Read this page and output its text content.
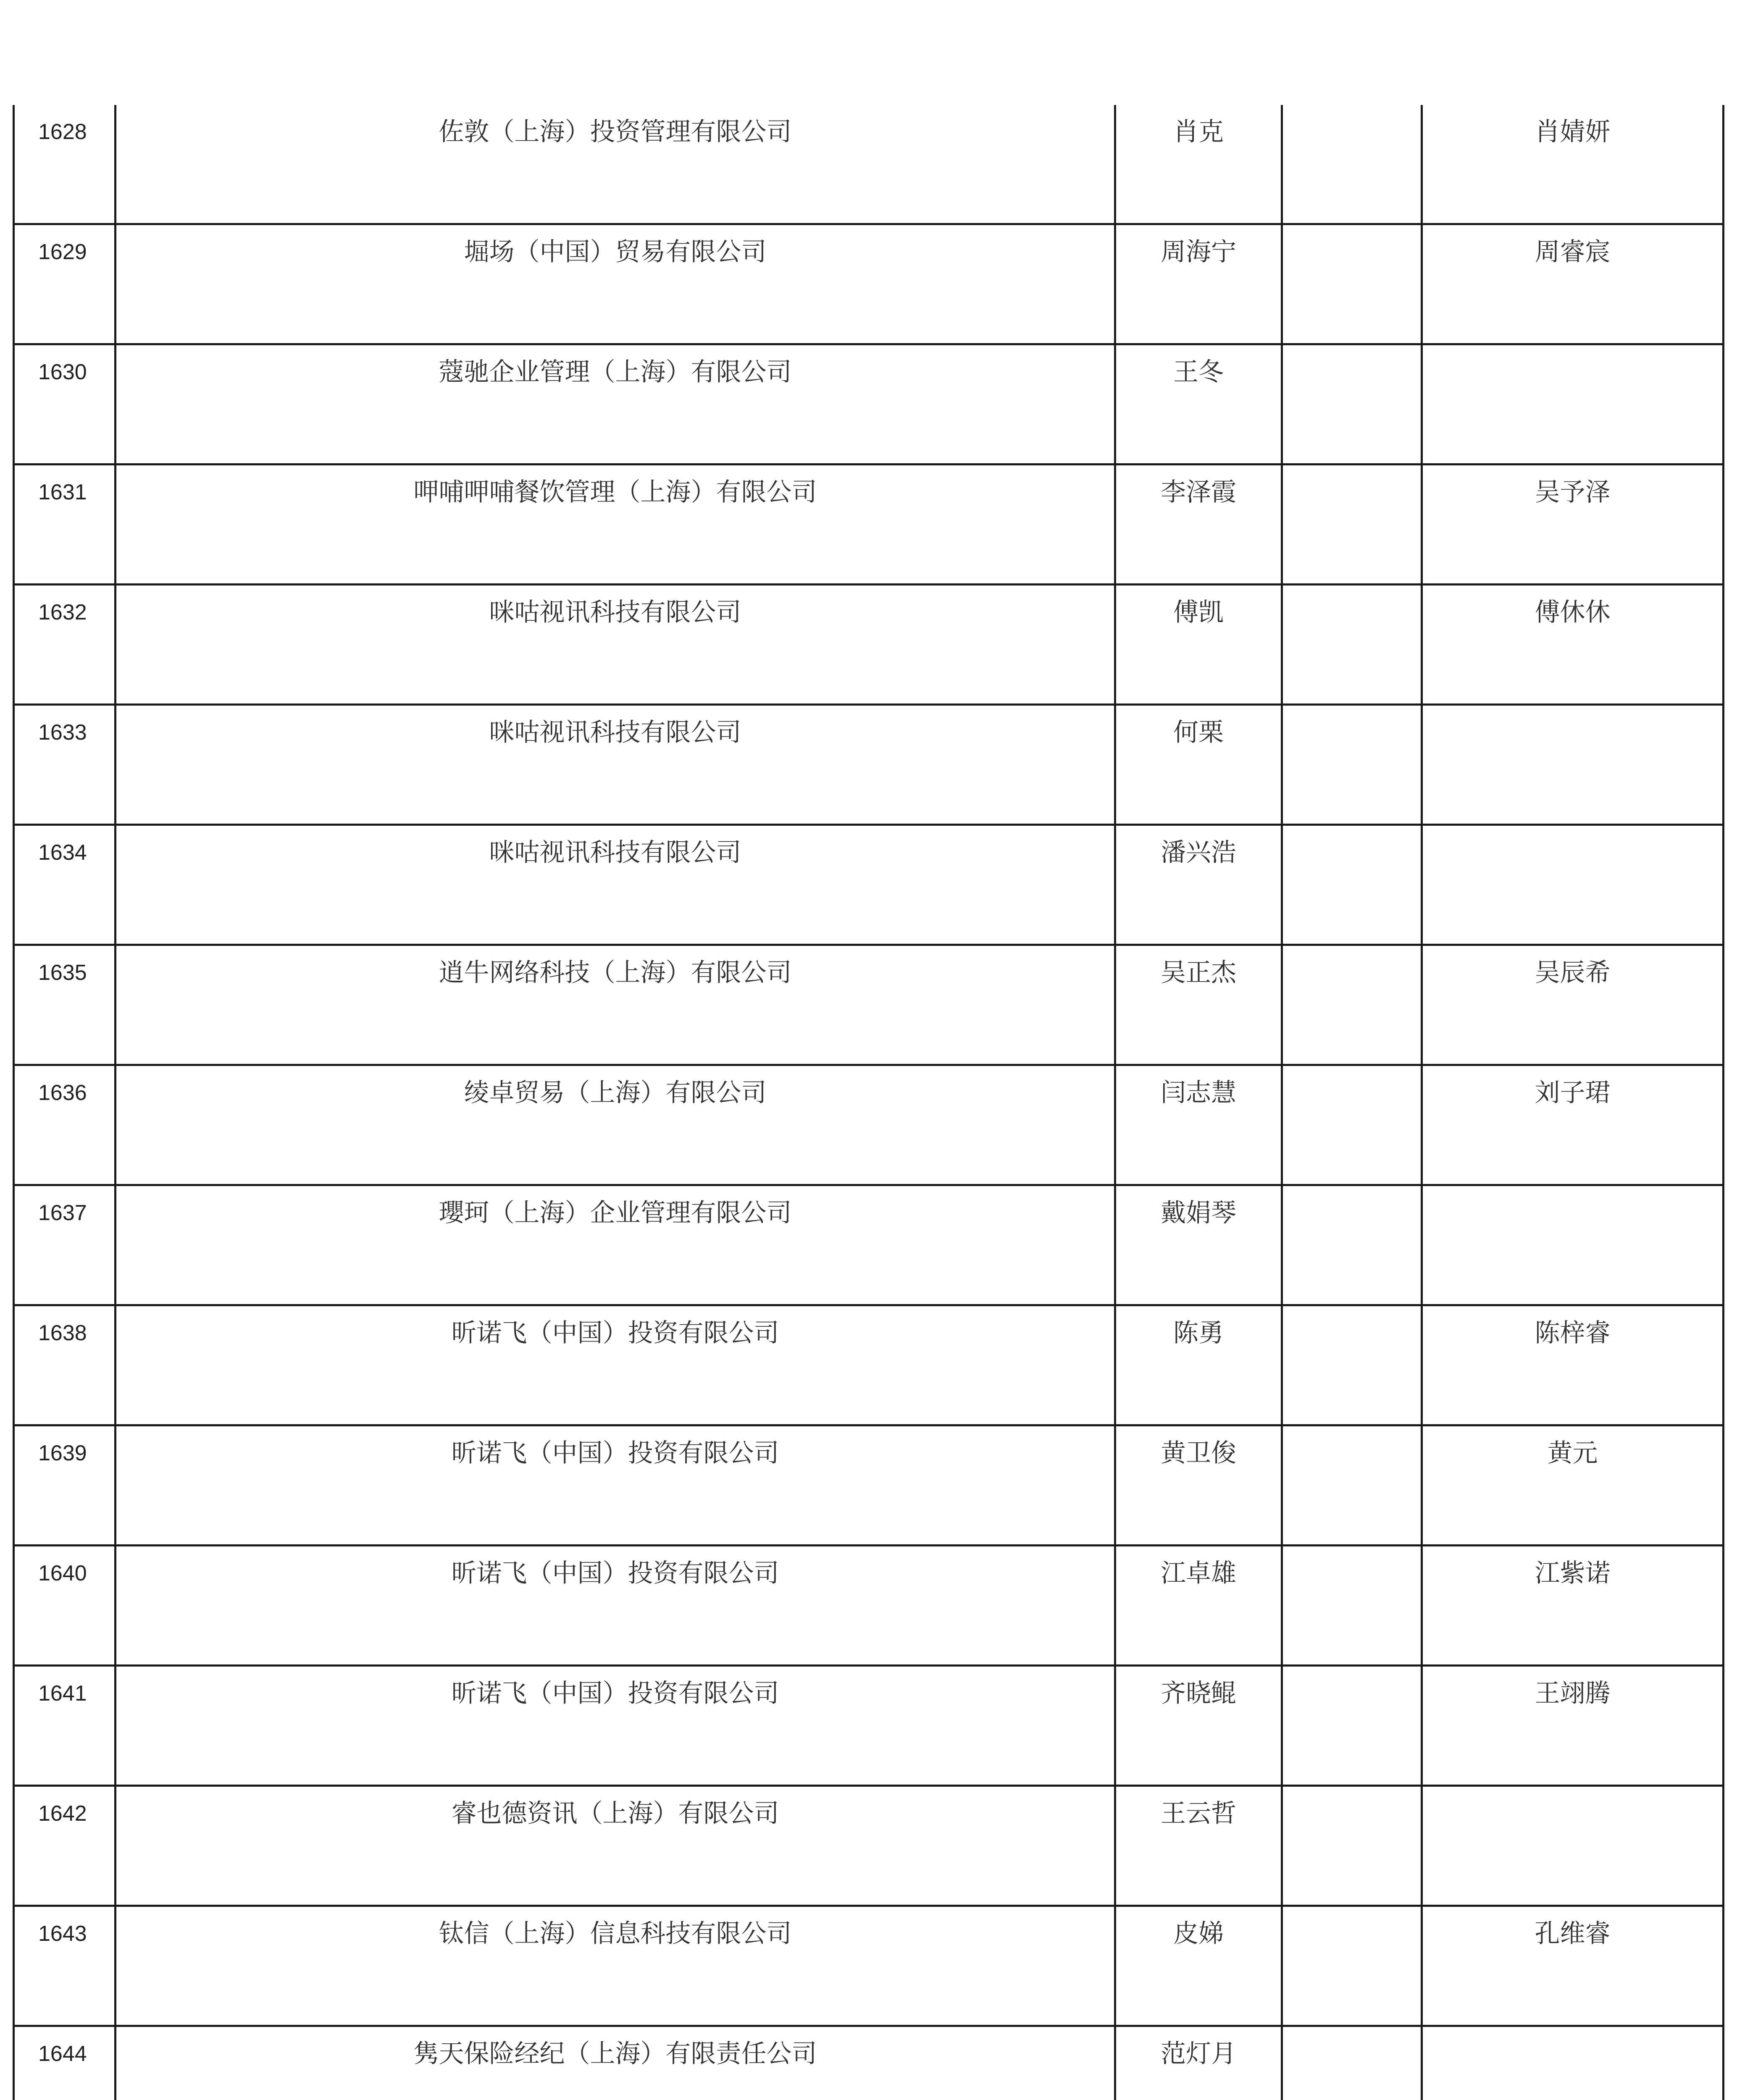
1628	佐敦（上海）投资管理有限公司	肖克		肖婧妍
1629	堀场（中国）贸易有限公司	周海宁		周睿宸
1630	蔻驰企业管理（上海）有限公司	王冬		
1631	呷哺呷哺餐饮管理（上海）有限公司	李泽霞		吴予泽
1632	咪咕视讯科技有限公司	傅凯		傅休休
1633	咪咕视讯科技有限公司	何栗		
1634	咪咕视讯科技有限公司	潘兴浩		
1635	逍牛网络科技（上海）有限公司	吴正杰		吴辰希
1636	绫卓贸易（上海）有限公司	闫志慧		刘子珺
1637	瓔珂（上海）企业管理有限公司	戴娟琴		
1638	昕诺飞（中国）投资有限公司	陈勇		陈梓睿
1639	昕诺飞（中国）投资有限公司	黄卫俊		黄元
1640	昕诺飞（中国）投资有限公司	江卓雄		江紫诺
1641	昕诺飞（中国）投资有限公司	齐晓鲲		王翊腾
1642	睿也德资讯（上海）有限公司	王云哲		
1643	钛信（上海）信息科技有限公司	皮娣		孔维睿
1644	隽天保险经纪（上海）有限责任公司	范灯月		
